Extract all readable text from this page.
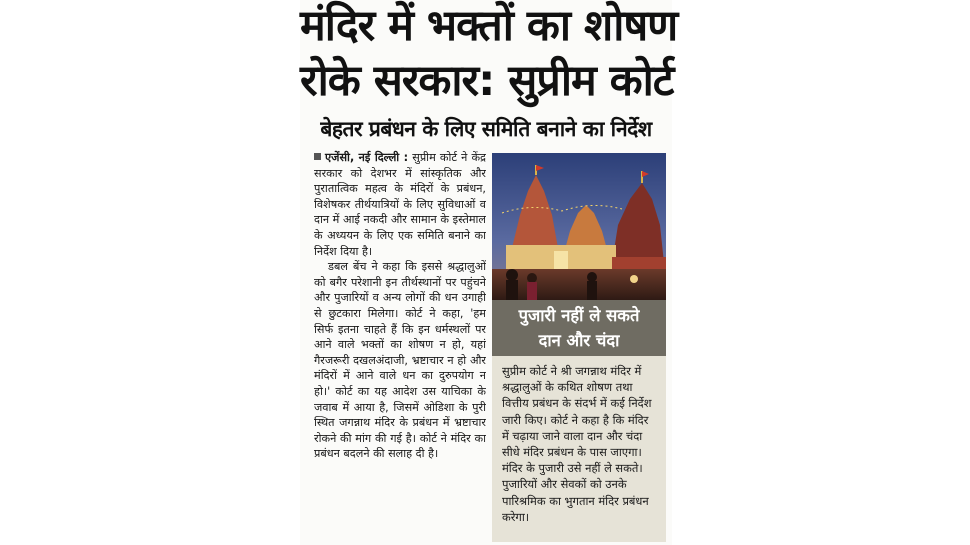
मंदिर में भक्तों का शोषण
रोके सरकार: सुप्रीम कोर्ट
बेहतर प्रबंधन के लिए समिति बनाने का निर्देश

एजेंसी, नई दिल्ली : सुप्रीम कोर्ट ने केंद्र सरकार को देशभर में सांस्कृतिक और पुरातात्विक महत्व के मंदिरों के प्रबंधन, विशेषकर तीर्थयात्रियों के लिए सुविधाओं व दान में आई नकदी और सामान के इस्तेमाल के अध्ययन के लिए एक समिति बनाने का निर्देश दिया है।

डबल बेंच ने कहा कि इससे श्रद्धालुओं को बगैर परेशानी इन तीर्थस्थानों पर पहुंचने और पुजारियों व अन्य लोगों की धन उगाही से छुटकारा मिलेगा। कोर्ट ने कहा, 'हम सिर्फ इतना चाहते हैं कि इन धर्मस्थलों पर आने वाले भक्तों का शोषण न हो, यहां गैरजरूरी दखलअंदाजी, भ्रष्टाचार न हो और मंदिरों में आने वाले धन का दुरुपयोग न हो।' कोर्ट का यह आदेश उस याचिका के जवाब में आया है, जिसमें ओडिशा के पुरी स्थित जगन्नाथ मंदिर के प्रबंधन में भ्रष्टाचार रोकने की मांग की गई है। कोर्ट ने मंदिर का प्रबंधन बदलने की सलाह दी है।

पुजारी नहीं ले सकते
दान और चंदा
सुप्रीम कोर्ट ने श्री जगन्नाथ मंदिर में श्रद्धालुओं के कथित शोषण तथा वित्तीय प्रबंधन के संदर्भ में कई निर्देश जारी किए। कोर्ट ने कहा है कि मंदिर में चढ़ाया जाने वाला दान और चंदा सीधे मंदिर प्रबंधन के पास जाएगा। मंदिर के पुजारी उसे नहीं ले सकते। पुजारियों और सेवकों को उनके पारिश्रमिक का भुगतान मंदिर प्रबंधन करेगा।
